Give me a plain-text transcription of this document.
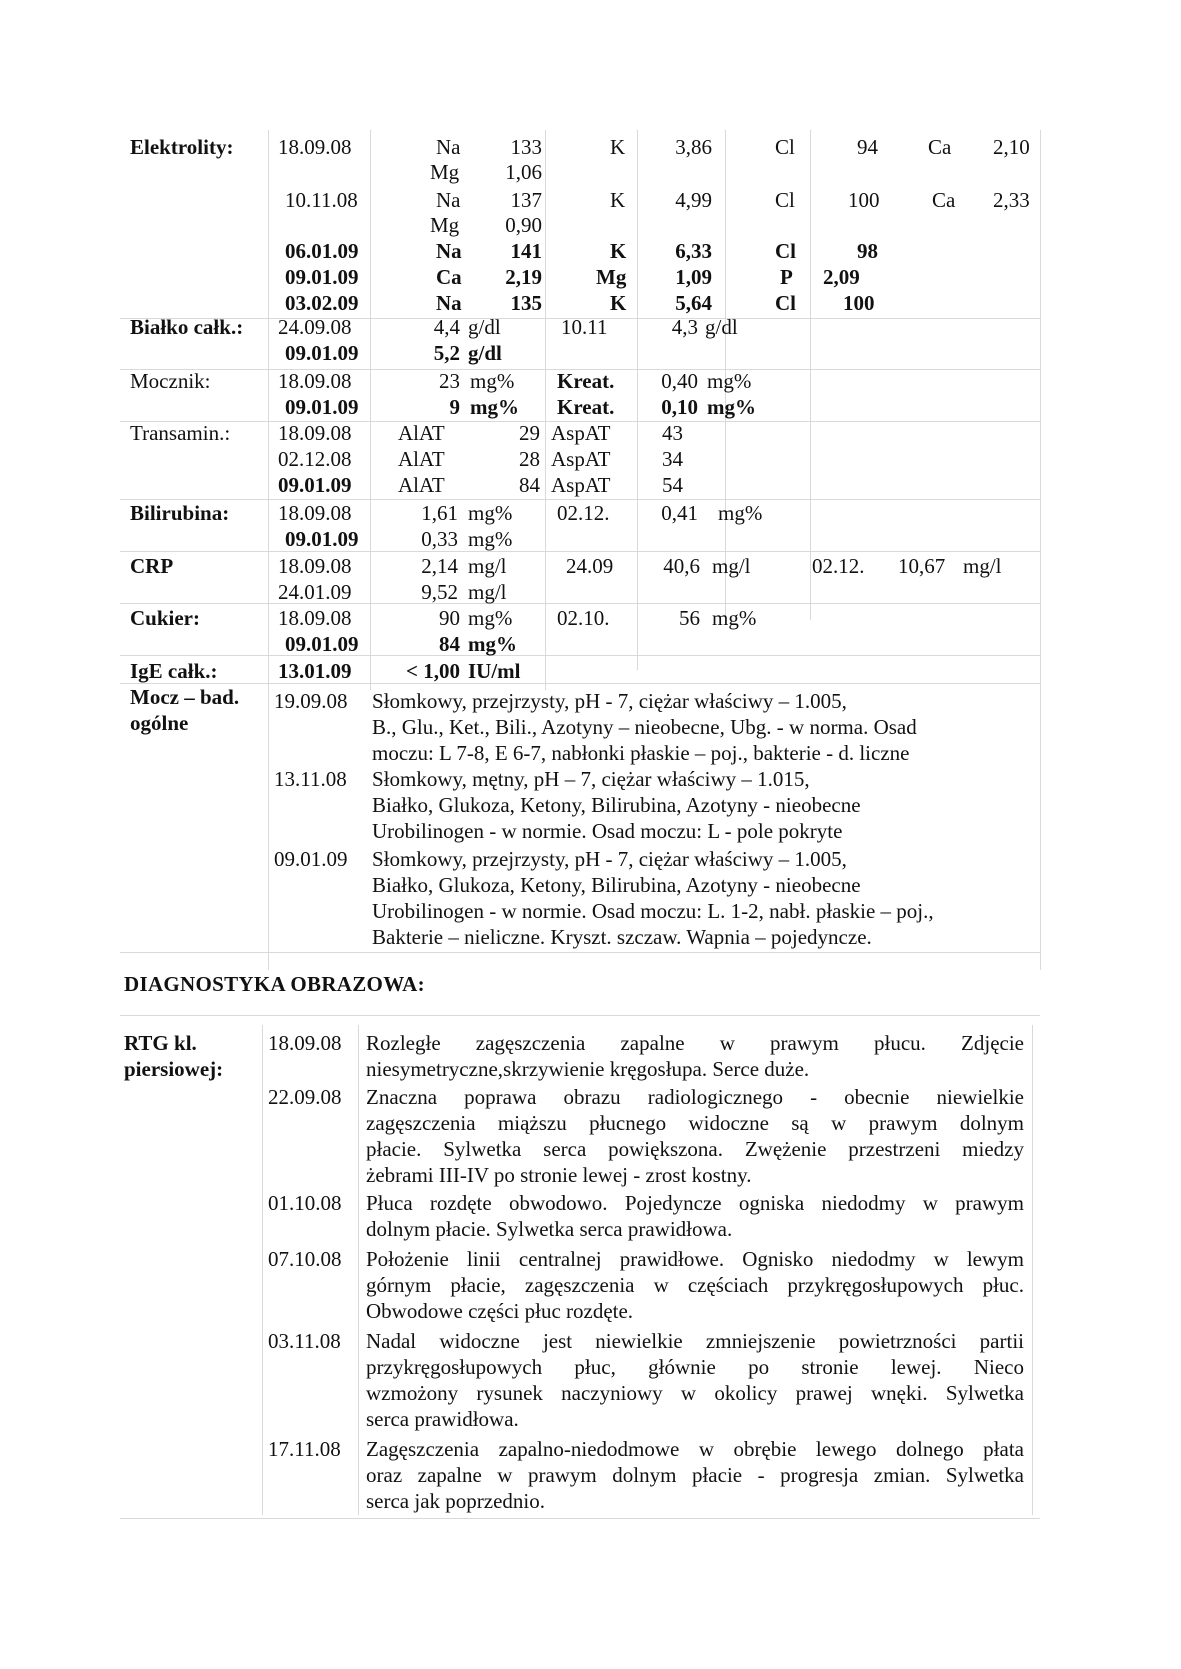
Elektrolity: 18.09.08	Na	133	K	3,86	Cl	94 Ca 2,10
Mg	1,06
10.11.08	Na	137	K	4,99	Cl	100	Ca 2,33
Mg	0,90
06.01.09	Na	141	K	6,33	Cl	98
09.01.09	Ca	2,19	Mg	1,09	P 2,09
03.02.09	Na	135	K	5,64	Cl 100
Białko całk.: 24.09.08	4,4 g/dl	10.11	4,3 g/dl
09.01.09	5,2 g/dl
Mocznik:	18.09.08	23 mg% Kreat.	0,40 mg%
09.01.09	9 mg% Kreat.	0,10 mg%
Transamin.: 18.09.08 AlAT	29 AspAT 43
02.12.08 AlAT	28 AspAT 34
09.01.09 AlAT	84 AspAT 54
Bilirubina: 18.09.08	1,61 mg% 02.12.	0,41 mg%
09.01.09	0,33 mg%
CRP	18.09.08	2,14 mg/l	24.09	40,6 mg/l	02.12. 10,67 mg/l
24.01.09	9,52 mg/l
Cukier:	18.09.08	90 mg% 02.10.	56 mg%
09.01.09	84 mg%
IgE całk.:	13.01.09	< 1,00 IU/ml
Mocz – bad.
ogólne
19.09.08 Słomkowy, przejrzysty, pH - 7, ciężar właściwy – 1.005,
B., Glu., Ket., Bili., Azotyny – nieobecne, Ubg. - w norma. Osad
moczu: L 7-8, E 6-7, nabłonki płaskie – poj., bakterie - d. liczne
13.11.08 Słomkowy, mętny, pH – 7, ciężar właściwy – 1.015,
Białko, Glukoza, Ketony, Bilirubina, Azotyny - nieobecne
Urobilinogen - w normie. Osad moczu: L - pole pokryte
09.01.09 Słomkowy, przejrzysty, pH - 7, ciężar właściwy – 1.005,
Białko, Glukoza, Ketony, Bilirubina, Azotyny - nieobecne
Urobilinogen - w normie. Osad moczu: L. 1-2, nabł. płaskie – poj.,
Bakterie – nieliczne. Kryszt. szczaw. Wapnia – pojedyncze.
DIAGNOSTYKA OBRAZOWA:
RTG kl.
piersiowej:
18.09.08 Rozległe zagęszczenia zapalne w prawym płucu. Zdjęcie
niesymetryczne,skrzywienie kręgosłupa. Serce duże.
22.09.08 Znaczna poprawa obrazu radiologicznego - obecnie niewielkie
zagęszczenia miąższu płucnego widoczne są w prawym dolnym
płacie. Sylwetka serca powiększona. Zwężenie przestrzeni miedzy
żebrami III-IV po stronie lewej - zrost kostny.
01.10.08 Płuca rozdęte obwodowo. Pojedyncze ogniska niedodmy w prawym
dolnym płacie. Sylwetka serca prawidłowa.
07.10.08 Położenie linii centralnej prawidłowe. Ognisko niedodmy w lewym
górnym płacie, zagęszczenia w częściach przykręgosłupowych płuc.
Obwodowe części płuc rozdęte.
03.11.08 Nadal widoczne jest niewielkie zmniejszenie powietrzności partii
przykręgosłupowych płuc, głównie po stronie lewej. Nieco
wzmożony rysunek naczyniowy w okolicy prawej wnęki. Sylwetka
serca prawidłowa.
17.11.08 Zagęszczenia zapalno-niedodmowe w obrębie lewego dolnego płata
oraz zapalne w prawym dolnym płacie - progresja zmian. Sylwetka
serca jak poprzednio.
